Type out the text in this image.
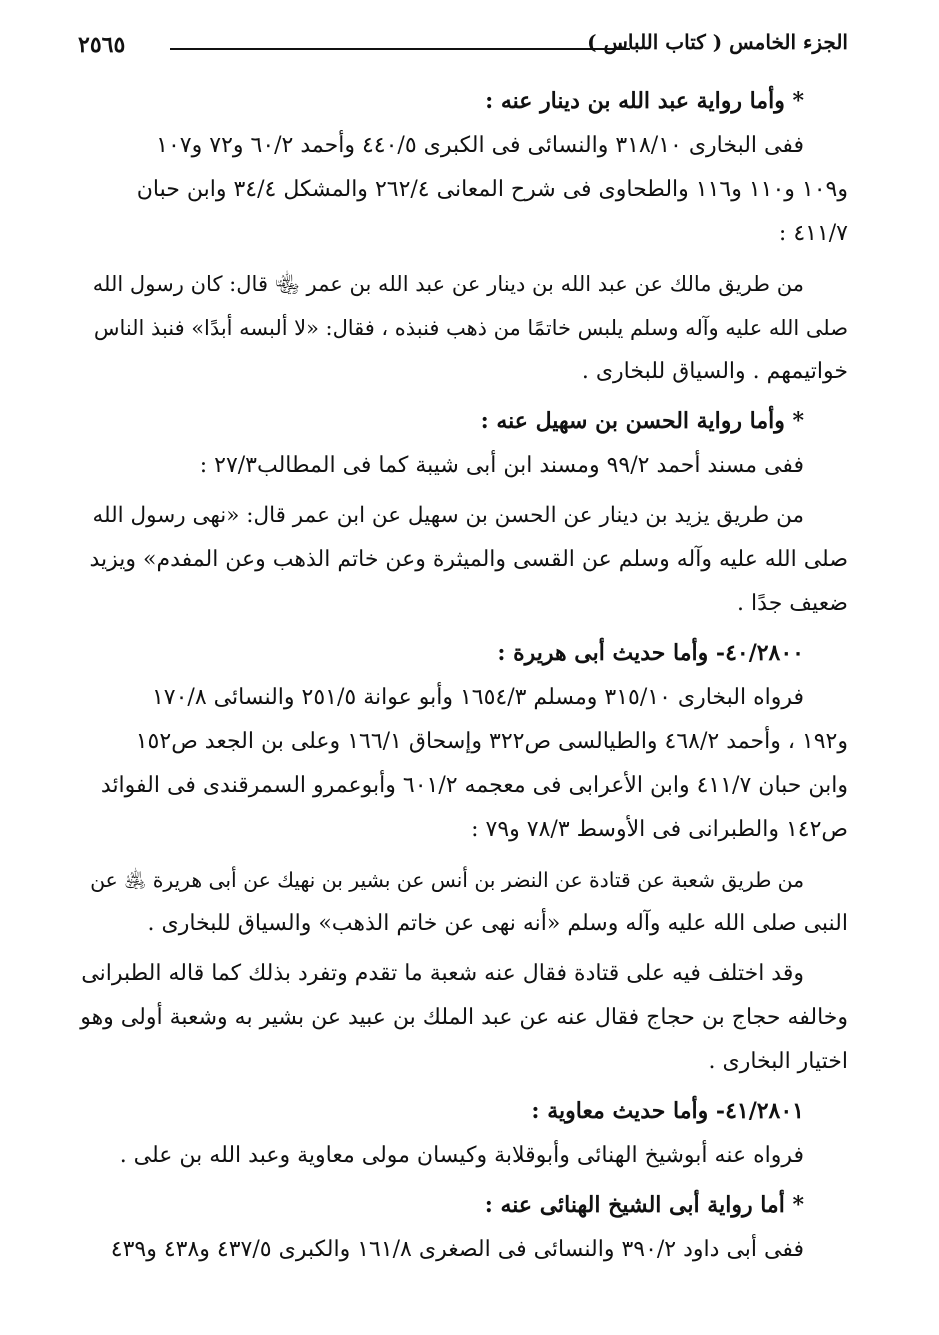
الجزء الخامس ( كتاب اللباس )
٢٥٦٥
* وأما رواية عبد الله بن دينار عنه :
ففى البخارى ٣١٨/١٠ والنسائى فى الكبرى ٤٤٠/٥ وأحمد ٦٠/٢ و٧٢ و١٠٧
و١٠٩ و١١٠ و١١٦ والطحاوى فى شرح المعانى ٢٦٢/٤ والمشكل ٣٤/٤ وابن حبان
٤١١/٧ :
من طريق مالك عن عبد الله بن دينار عن عبد الله بن عمر ﵄ قال: كان رسول الله
صلى الله عليه وآله وسلم يلبس خاتمًا من ذهب فنبذه ، فقال: «لا ألبسه أبدًا» فنبذ الناس
خواتيمهم . والسياق للبخارى .
* وأما رواية الحسن بن سهيل عنه :
ففى مسند أحمد ٩٩/٢ ومسند ابن أبى شيبة كما فى المطالب٢٧/٣ :
من طريق يزيد بن دينار عن الحسن بن سهيل عن ابن عمر قال: «نهى رسول الله
صلى الله عليه وآله وسلم عن القسى والميثرة وعن خاتم الذهب وعن المفدم» ويزيد
ضعيف جدًا .
٤٠/٢٨٠٠- وأما حديث أبى هريرة :
فرواه البخارى ٣١٥/١٠ ومسلم ١٦٥٤/٣ وأبو عوانة ٢٥١/٥ والنسائى ١٧٠/٨
و١٩٢ ، وأحمد ٤٦٨/٢ والطيالسى ص٣٢٢ وإسحاق ١٦٦/١ وعلى بن الجعد ص١٥٢
وابن حبان ٤١١/٧ وابن الأعرابى فى معجمه ٦٠١/٢ وأبوعمرو السمرقندى فى الفوائد
ص١٤٢ والطبرانى فى الأوسط ٧٨/٣ و٧٩ :
من طريق شعبة عن قتادة عن النضر بن أنس عن بشير بن نهيك عن أبى هريرة ﵁ عن
النبى صلى الله عليه وآله وسلم «أنه نهى عن خاتم الذهب» والسياق للبخارى .
وقد اختلف فيه على قتادة فقال عنه شعبة ما تقدم وتفرد بذلك كما قاله الطبرانى
وخالفه حجاج بن حجاج فقال عنه عن عبد الملك بن عبيد عن بشير به وشعبة أولى وهو
اختيار البخارى .
٤١/٢٨٠١- وأما حديث معاوية :
فرواه عنه أبوشيخ الهنائى وأبوقلابة وكيسان مولى معاوية وعبد الله بن على .
* أما رواية أبى الشيخ الهنائى عنه :
ففى أبى داود ٣٩٠/٢ والنسائى فى الصغرى ١٦١/٨ والكبرى ٤٣٧/٥ و٤٣٨ و٤٣٩
